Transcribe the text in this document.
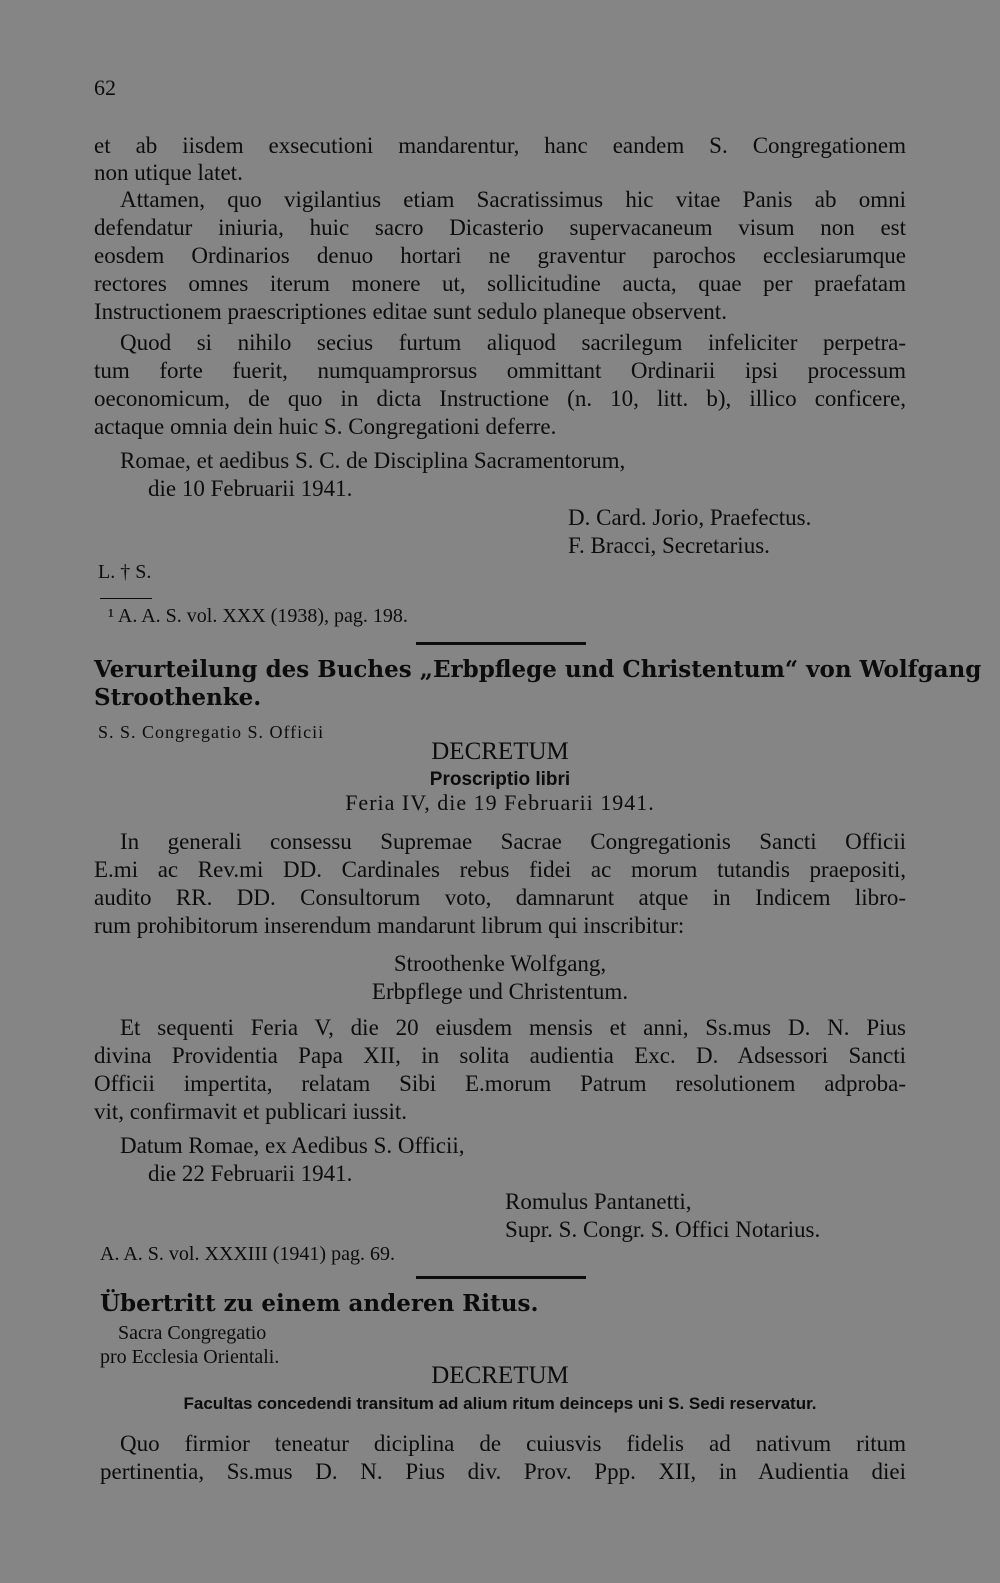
62
et ab iisdem exsecutioni mandarentur, hanc eandem S. Congregationem
non utique latet.
Attamen, quo vigilantius etiam Sacratissimus hic vitae Panis ab omni
defendatur iniuria, huic sacro Dicasterio supervacaneum visum non est
eosdem Ordinarios denuo hortari ne graventur parochos ecclesiarumque
rectores omnes iterum monere ut, sollicitudine aucta, quae per praefatam
Instructionem praescriptiones editae sunt sedulo planeque observent.
Quod si nihilo secius furtum aliquod sacrilegum infeliciter perpetra-
tum forte fuerit, numquamprorsus ommittant Ordinarii ipsi processum
oeconomicum, de quo in dicta Instructione (n. 10, litt. b), illico conficere,
actaque omnia dein huic S. Congregationi deferre.
Romae, et aedibus S. C. de Disciplina Sacramentorum,
die 10 Februarii 1941.
D. Card. Jorio, Praefectus.
F. Bracci, Secretarius.
L. † S.
¹ A. A. S. vol. XXX (1938), pag. 198.
Verurteilung des Buches „Erbpflege und Christentum“ von Wolfgang
Stroothenke.
S. S. Congregatio S. Officii
DECRETUM
Proscriptio libri
Feria IV, die 19 Februarii 1941.
In generali consessu Supremae Sacrae Congregationis Sancti Officii
E.mi ac Rev.mi DD. Cardinales rebus fidei ac morum tutandis praepositi,
audito RR. DD. Consultorum voto, damnarunt atque in Indicem libro-
rum prohibitorum inserendum mandarunt librum qui inscribitur:
Stroothenke Wolfgang,
Erbpflege und Christentum.
Et sequenti Feria V, die 20 eiusdem mensis et anni, Ss.mus D. N. Pius
divina Providentia Papa XII, in solita audientia Exc. D. Adsessori Sancti
Officii impertita, relatam Sibi E.morum Patrum resolutionem adproba-
vit, confirmavit et publicari iussit.
Datum Romae, ex Aedibus S. Officii,
die 22 Februarii 1941.
Romulus Pantanetti,
Supr. S. Congr. S. Offici Notarius.
A. A. S. vol. XXXIII (1941) pag. 69.
Übertritt zu einem anderen Ritus.
Sacra Congregatio
pro Ecclesia Orientali.
DECRETUM
Facultas concedendi transitum ad alium ritum deinceps uni S. Sedi reservatur.
Quo firmior teneatur diciplina de cuiusvis fidelis ad nativum ritum
pertinentia, Ss.mus D. N. Pius div. Prov. Ppp. XII, in Audientia diei
